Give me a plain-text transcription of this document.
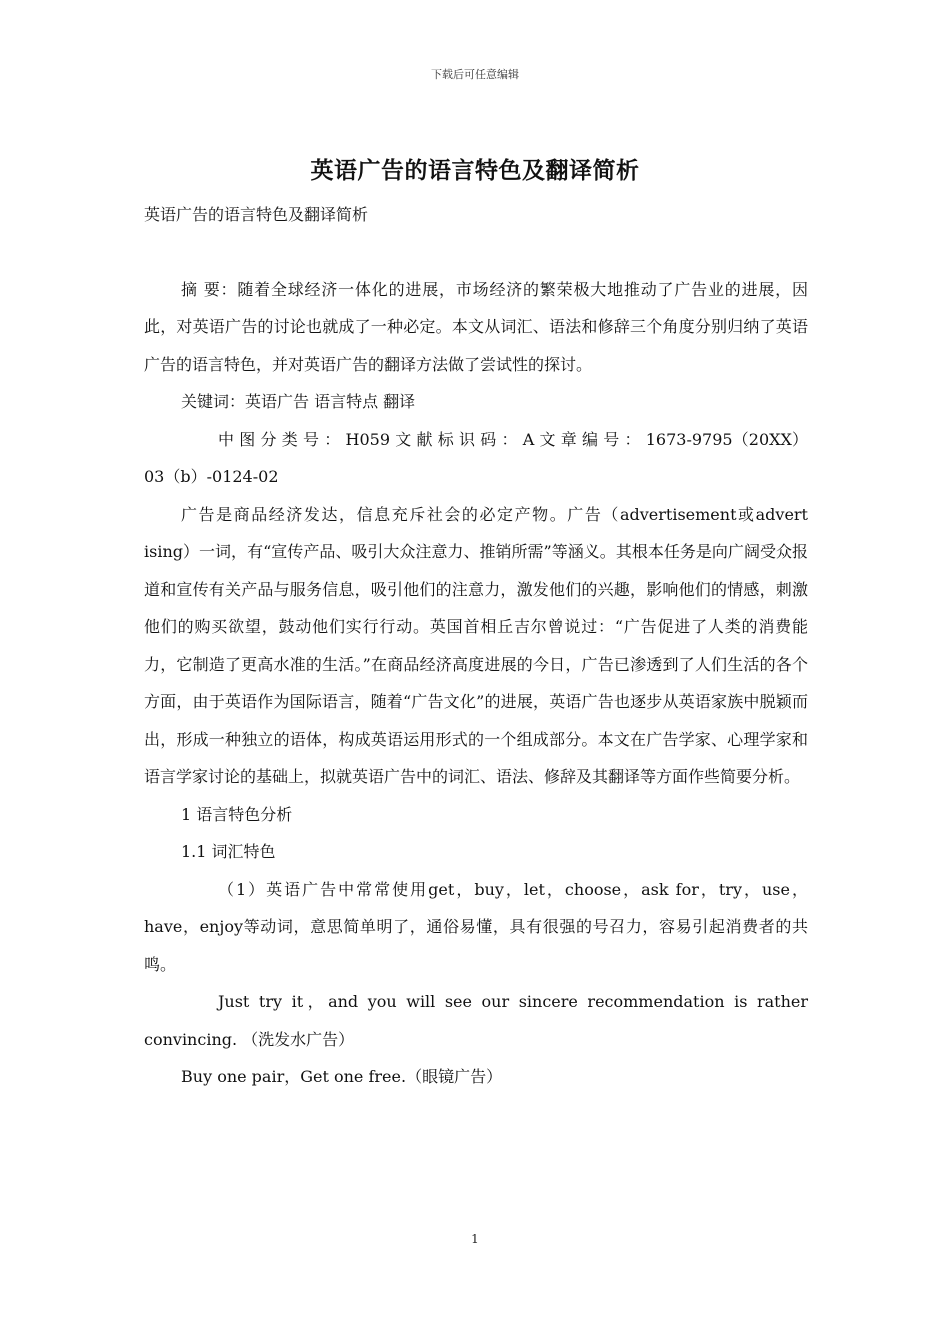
下载后可任意编辑
英语广告的语言特色及翻译简析

英语广告的语言特色及翻译简析

摘 要：随着全球经济一体化的进展，市场经济的繁荣极大地推动了广告业的进展，因此，对英语广告的讨论也就成了一种必定。本文从词汇、语法和修辞三个角度分别归纳了英语广告的语言特色，并对英语广告的翻译方法做了尝试性的探讨。

关键词：英语广告 语言特点 翻译

中 图 分 类 号 ： H059 文 献 标 识 码 ： A 文 章 编 号 ： 1673-9795（20XX）03（b）-0124-02

广告是商品经济发达，信息充斥社会的必定产物。广告（advertisement或advert ising）一词，有“宣传产品、吸引大众注意力、推销所需”等涵义。其根本任务是向广阔受众报道和宣传有关产品与服务信息，吸引他们的注意力，激发他们的兴趣，影响他们的情感，刺激他们的购买欲望，鼓动他们实行行动。英国首相丘吉尔曾说过：“广告促进了人类的消费能力，它制造了更高水准的生活。”在商品经济高度进展的今日，广告已渗透到了人们生活的各个方面，由于英语作为国际语言，随着“广告文化”的进展，英语广告也逐步从英语家族中脱颖而出，形成一种独立的语体，构成英语运用形式的一个组成部分。本文在广告学家、心理学家和语言学家讨论的基础上，拟就英语广告中的词汇、语法、修辞及其翻译等方面作些简要分析。

1 语言特色分析

1.1 词汇特色

（1）英语广告中常常使用get，buy，let，choose，ask for，try，use，have，enjoy等动词，意思简单明了，通俗易懂，具有很强的号召力，容易引起消费者的共鸣。

Just try it，and you will see our sincere recommendation is rather convincing. （洗发水广告）

Buy one pair，Get one free.（眼镜广告）

1
